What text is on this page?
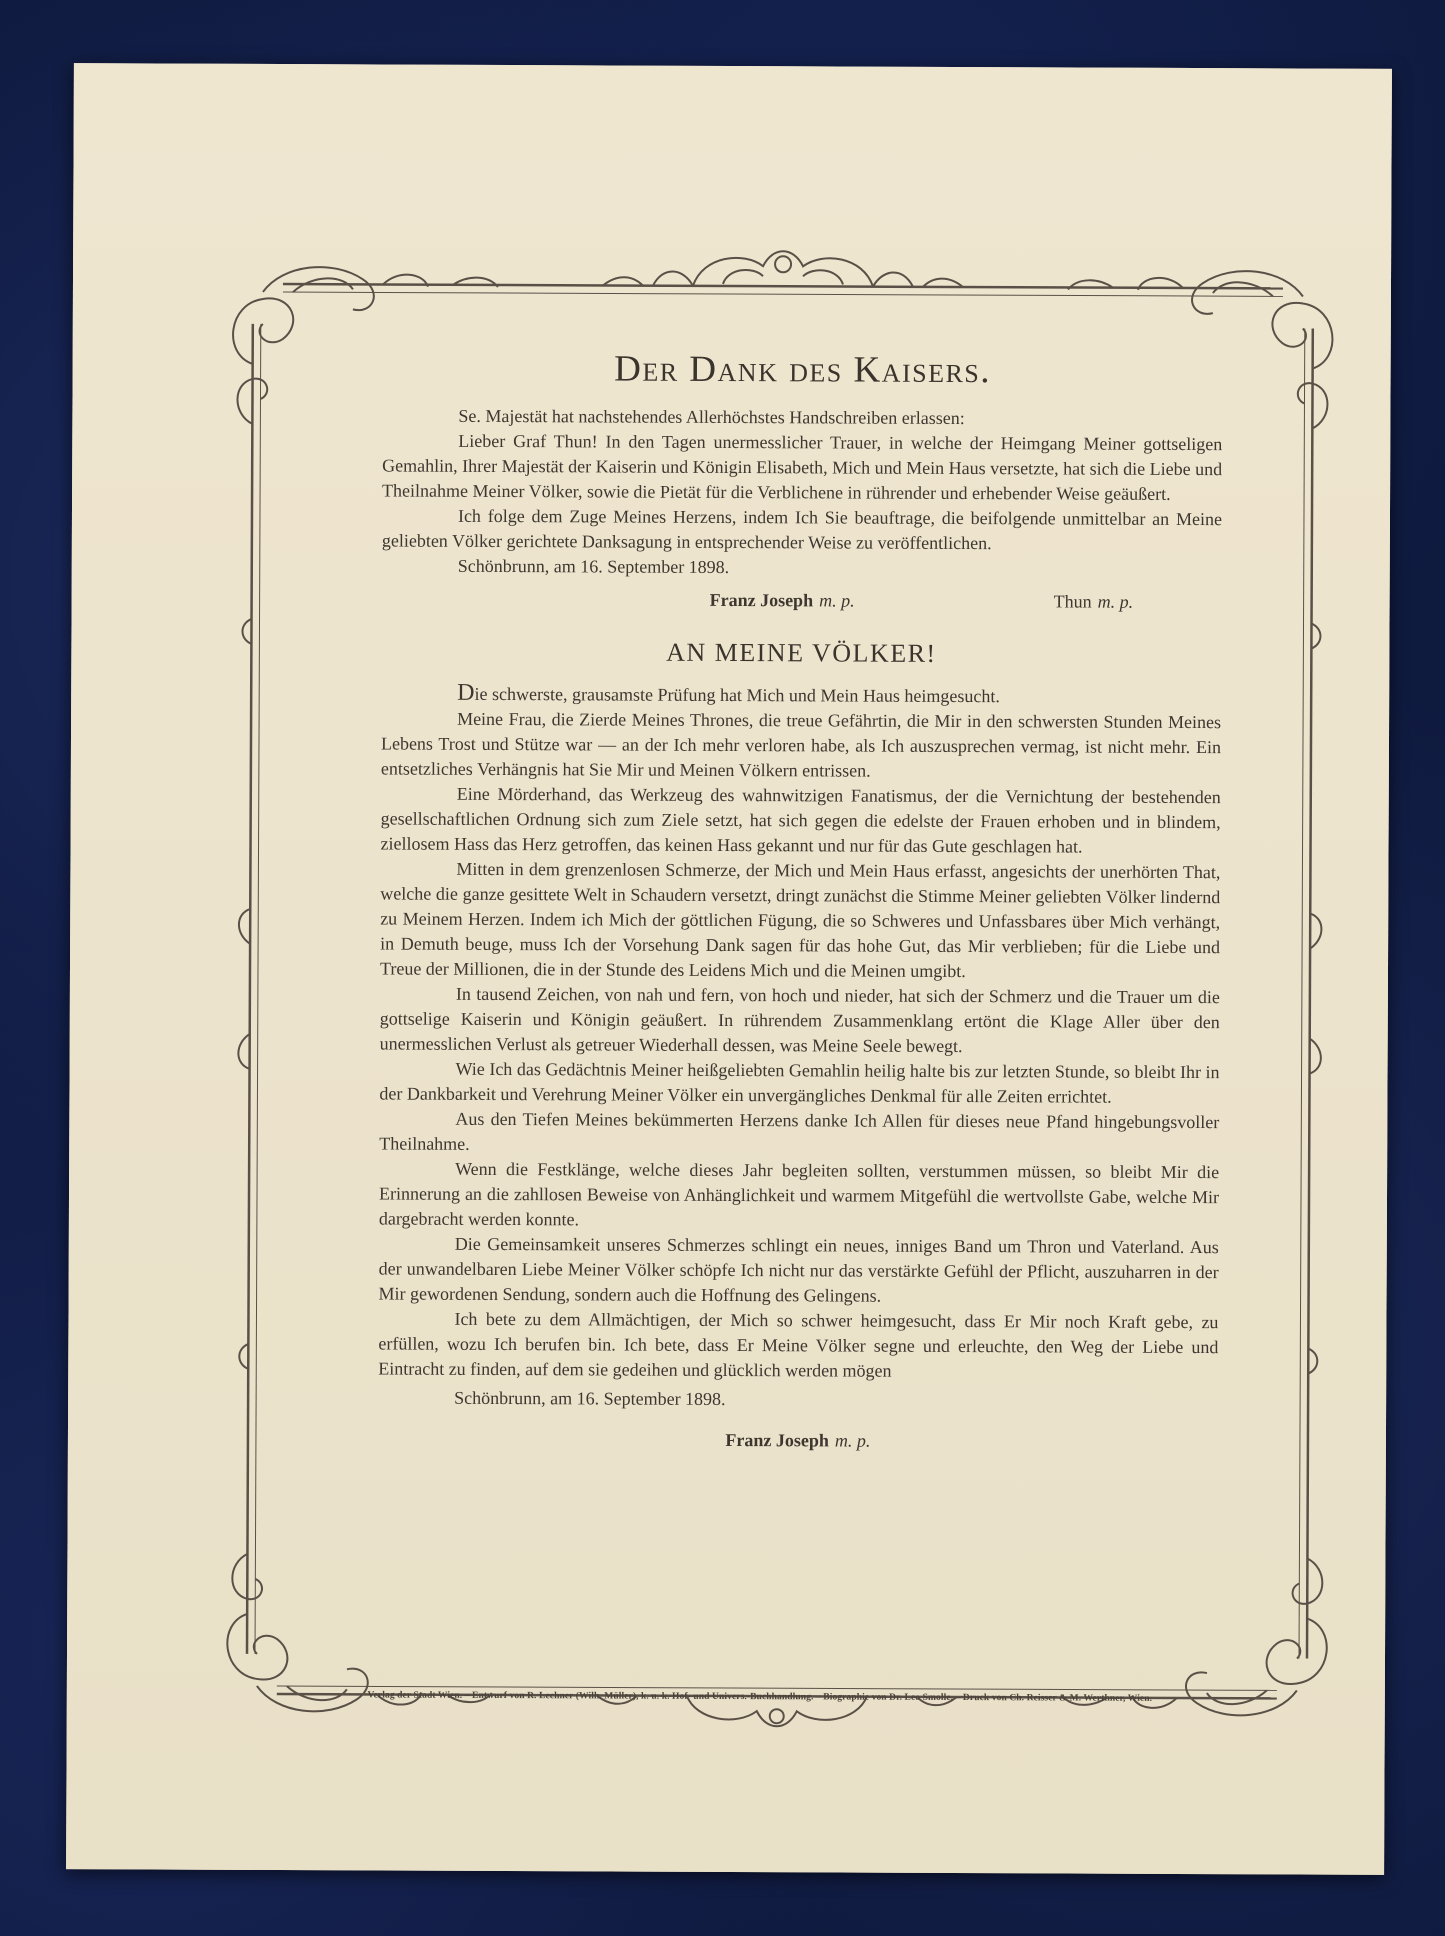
Der Dank des Kaisers.

Se. Majestät hat nachstehendes Allerhöchstes Handschreiben erlassen:

Lieber Graf Thun! In den Tagen unermesslicher Trauer, in welche der Heimgang Meiner gottseligen Gemahlin, Ihrer Majestät der Kaiserin und Königin Elisabeth, Mich und Mein Haus versetzte, hat sich die Liebe und Theilnahme Meiner Völker, sowie die Pietät für die Verblichene in rührender und erhebender Weise geäußert.

Ich folge dem Zuge Meines Herzens, indem Ich Sie beauftrage, die beifolgende unmittelbar an Meine geliebten Völker gerichtete Danksagung in entsprechender Weise zu veröffentlichen.

Schönbrunn, am 16. September 1898.

Franz Joseph m. p.	Thun m. p.
AN MEINE VÖLKER!

Die schwerste, grausamste Prüfung hat Mich und Mein Haus heimgesucht.

Meine Frau, die Zierde Meines Thrones, die treue Gefährtin, die Mir in den schwersten Stunden Meines Lebens Trost und Stütze war — an der Ich mehr verloren habe, als Ich auszusprechen vermag, ist nicht mehr. Ein entsetzliches Verhängnis hat Sie Mir und Meinen Völkern entrissen.

Eine Mörderhand, das Werkzeug des wahnwitzigen Fanatismus, der die Vernichtung der bestehenden gesellschaftlichen Ordnung sich zum Ziele setzt, hat sich gegen die edelste der Frauen erhoben und in blindem, ziellosem Hass das Herz getroffen, das keinen Hass gekannt und nur für das Gute geschlagen hat.

Mitten in dem grenzenlosen Schmerze, der Mich und Mein Haus erfasst, angesichts der unerhörten That, welche die ganze gesittete Welt in Schaudern versetzt, dringt zunächst die Stimme Meiner geliebten Völker lindernd zu Meinem Herzen. Indem ich Mich der göttlichen Fügung, die so Schweres und Unfassbares über Mich verhängt, in Demuth beuge, muss Ich der Vorsehung Dank sagen für das hohe Gut, das Mir verblieben; für die Liebe und Treue der Millionen, die in der Stunde des Leidens Mich und die Meinen umgibt.

In tausend Zeichen, von nah und fern, von hoch und nieder, hat sich der Schmerz und die Trauer um die gottselige Kaiserin und Königin geäußert. In rührendem Zusammenklang ertönt die Klage Aller über den unermesslichen Verlust als getreuer Wiederhall dessen, was Meine Seele bewegt.

Wie Ich das Gedächtnis Meiner heißgeliebten Gemahlin heilig halte bis zur letzten Stunde, so bleibt Ihr in der Dankbarkeit und Verehrung Meiner Völker ein unvergängliches Denkmal für alle Zeiten errichtet.

Aus den Tiefen Meines bekümmerten Herzens danke Ich Allen für dieses neue Pfand hingebungsvoller Theilnahme.

Wenn die Festklänge, welche dieses Jahr begleiten sollten, verstummen müssen, so bleibt Mir die Erinnerung an die zahllosen Beweise von Anhänglichkeit und warmem Mitgefühl die wertvollste Gabe, welche Mir dargebracht werden konnte.

Die Gemeinsamkeit unseres Schmerzes schlingt ein neues, inniges Band um Thron und Vaterland. Aus der unwandelbaren Liebe Meiner Völker schöpfe Ich nicht nur das verstärkte Gefühl der Pflicht, auszuharren in der Mir gewordenen Sendung, sondern auch die Hoffnung des Gelingens.

Ich bete zu dem Allmächtigen, der Mich so schwer heimgesucht, dass Er Mir noch Kraft gebe, zu erfüllen, wozu Ich berufen bin. Ich bete, dass Er Meine Völker segne und erleuchte, den Weg der Liebe und Eintracht zu finden, auf dem sie gedeihen und glücklich werden mögen

Schönbrunn, am 16. September 1898.

Franz Joseph m. p.
Verlag der Stadt Wien. – Entwurf von R. Lechner (Wilh. Müller), k. u. k. Hof- und Univers.-Buchhandlung. – Biographie von Dr. Leo Smolle. – Druck von Ch. Reisser & M. Werthner, Wien.
